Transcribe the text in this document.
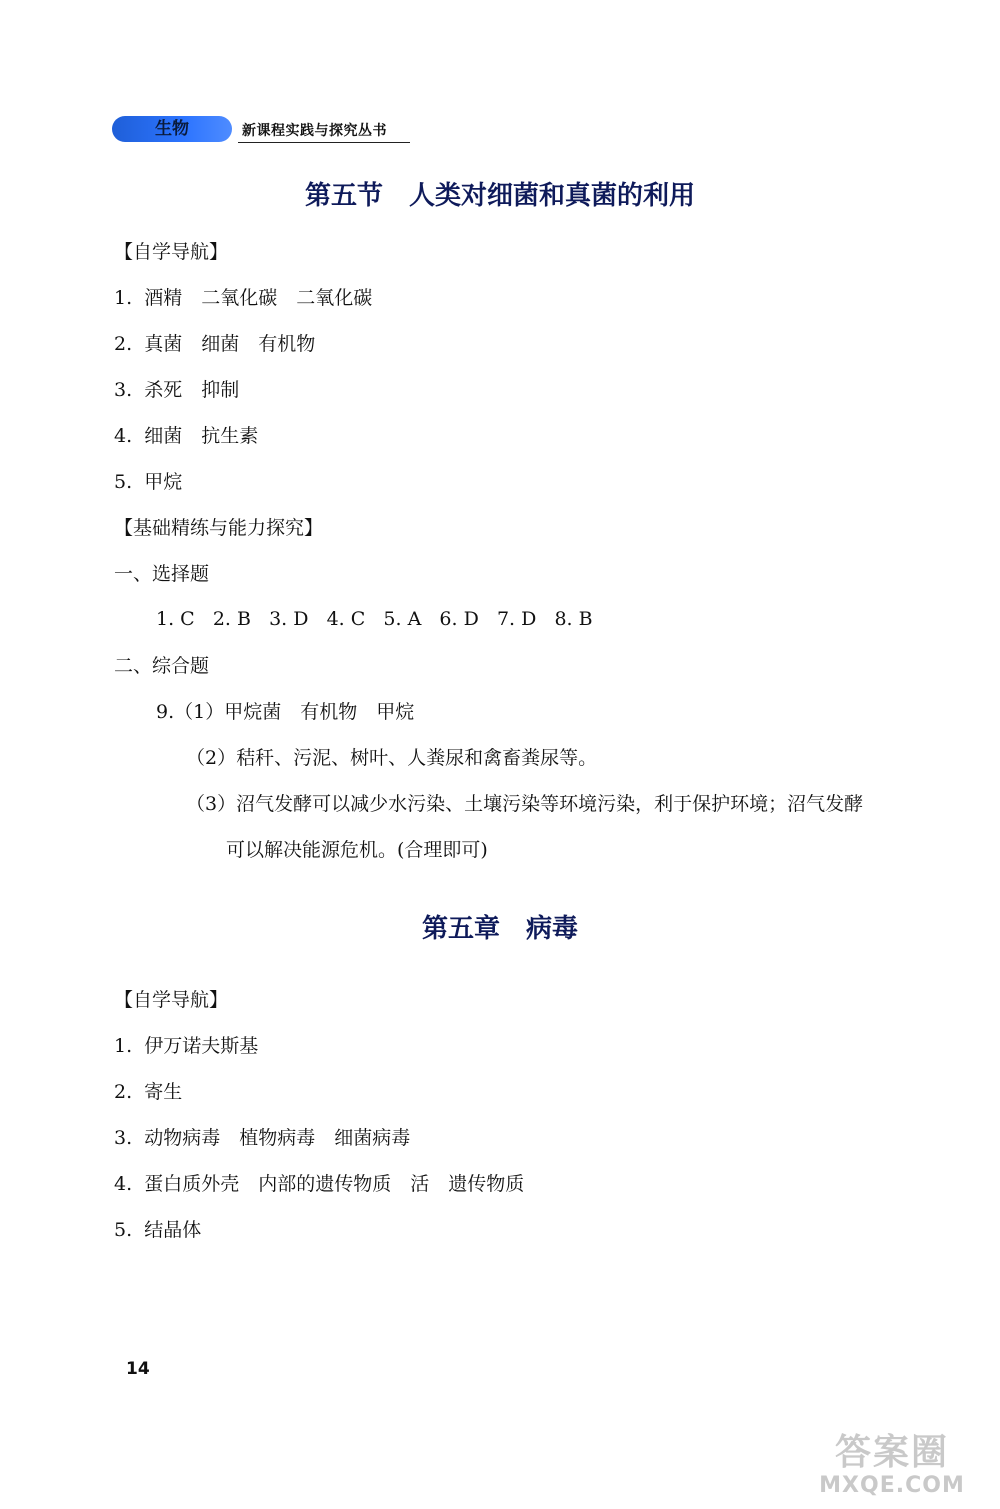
生物	新课程实践与探究丛书
第五节　人类对细菌和真菌的利用
【自学导航】
1.  酒精　二氧化碳　二氧化碳
2.  真菌　细菌　有机物
3.  杀死　抑制
4.  细菌　抗生素
5.  甲烷
【基础精练与能力探究】
一、选择题
1. C   2. B   3. D   4. C   5. A   6. D   7. D   8. B
二、综合题
9.（1）甲烷菌　有机物　甲烷
（2）秸秆、污泥、树叶、人粪尿和禽畜粪尿等。
（3）沼气发酵可以减少水污染、土壤污染等环境污染，利于保护环境；沼气发酵
可以解决能源危机。(合理即可)
第五章　病毒
【自学导航】
1.  伊万诺夫斯基
2.  寄生
3.  动物病毒　植物病毒　细菌病毒
4.  蛋白质外壳　内部的遗传物质　活　遗传物质
5.  结晶体
14
答案圈
MXQE.COM
